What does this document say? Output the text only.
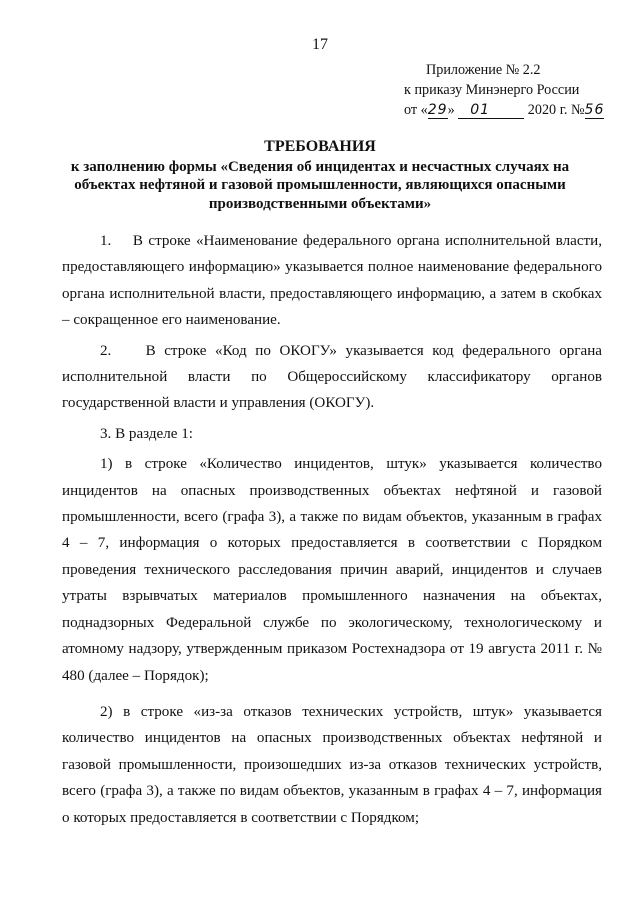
17
Приложение № 2.2
к приказу Минэнерго России
от «29» 01	2020 г. №56
ТРЕБОВАНИЯ
к заполнению формы «Сведения об инцидентах и несчастных случаях на объектах нефтяной и газовой промышленности, являющихся опасными производственными объектами»

1.    В строке «Наименование федерального органа исполнительной власти, предоставляющего информацию» указывается полное наименование федерального органа исполнительной власти, предоставляющего информацию, а затем в скобках – сокращенное его наименование.

2.    В строке «Код по ОКОГУ» указывается код федерального органа исполнительной власти по Общероссийскому классификатору органов государственной власти и управления (ОКОГУ).

3. В разделе 1:

1) в строке «Количество инцидентов, штук» указывается количество инцидентов на опасных производственных объектах нефтяной и газовой промышленности, всего (графа 3), а также по видам объектов, указанным в графах 4 – 7, информация о которых предоставляется в соответствии с Порядком проведения технического расследования причин аварий, инцидентов и случаев утраты взрывчатых материалов промышленного назначения на объектах, поднадзорных Федеральной службе по экологическому, технологическому и атомному надзору, утвержденным приказом Ростехнадзора от 19 августа 2011 г. № 480 (далее – Порядок);

2) в строке «из-за отказов технических устройств, штук» указывается количество инцидентов на опасных производственных объектах нефтяной и газовой промышленности, произошедших из-за отказов технических устройств, всего (графа 3), а также по видам объектов, указанным в графах 4 – 7, информация о которых предоставляется в соответствии с Порядком;
